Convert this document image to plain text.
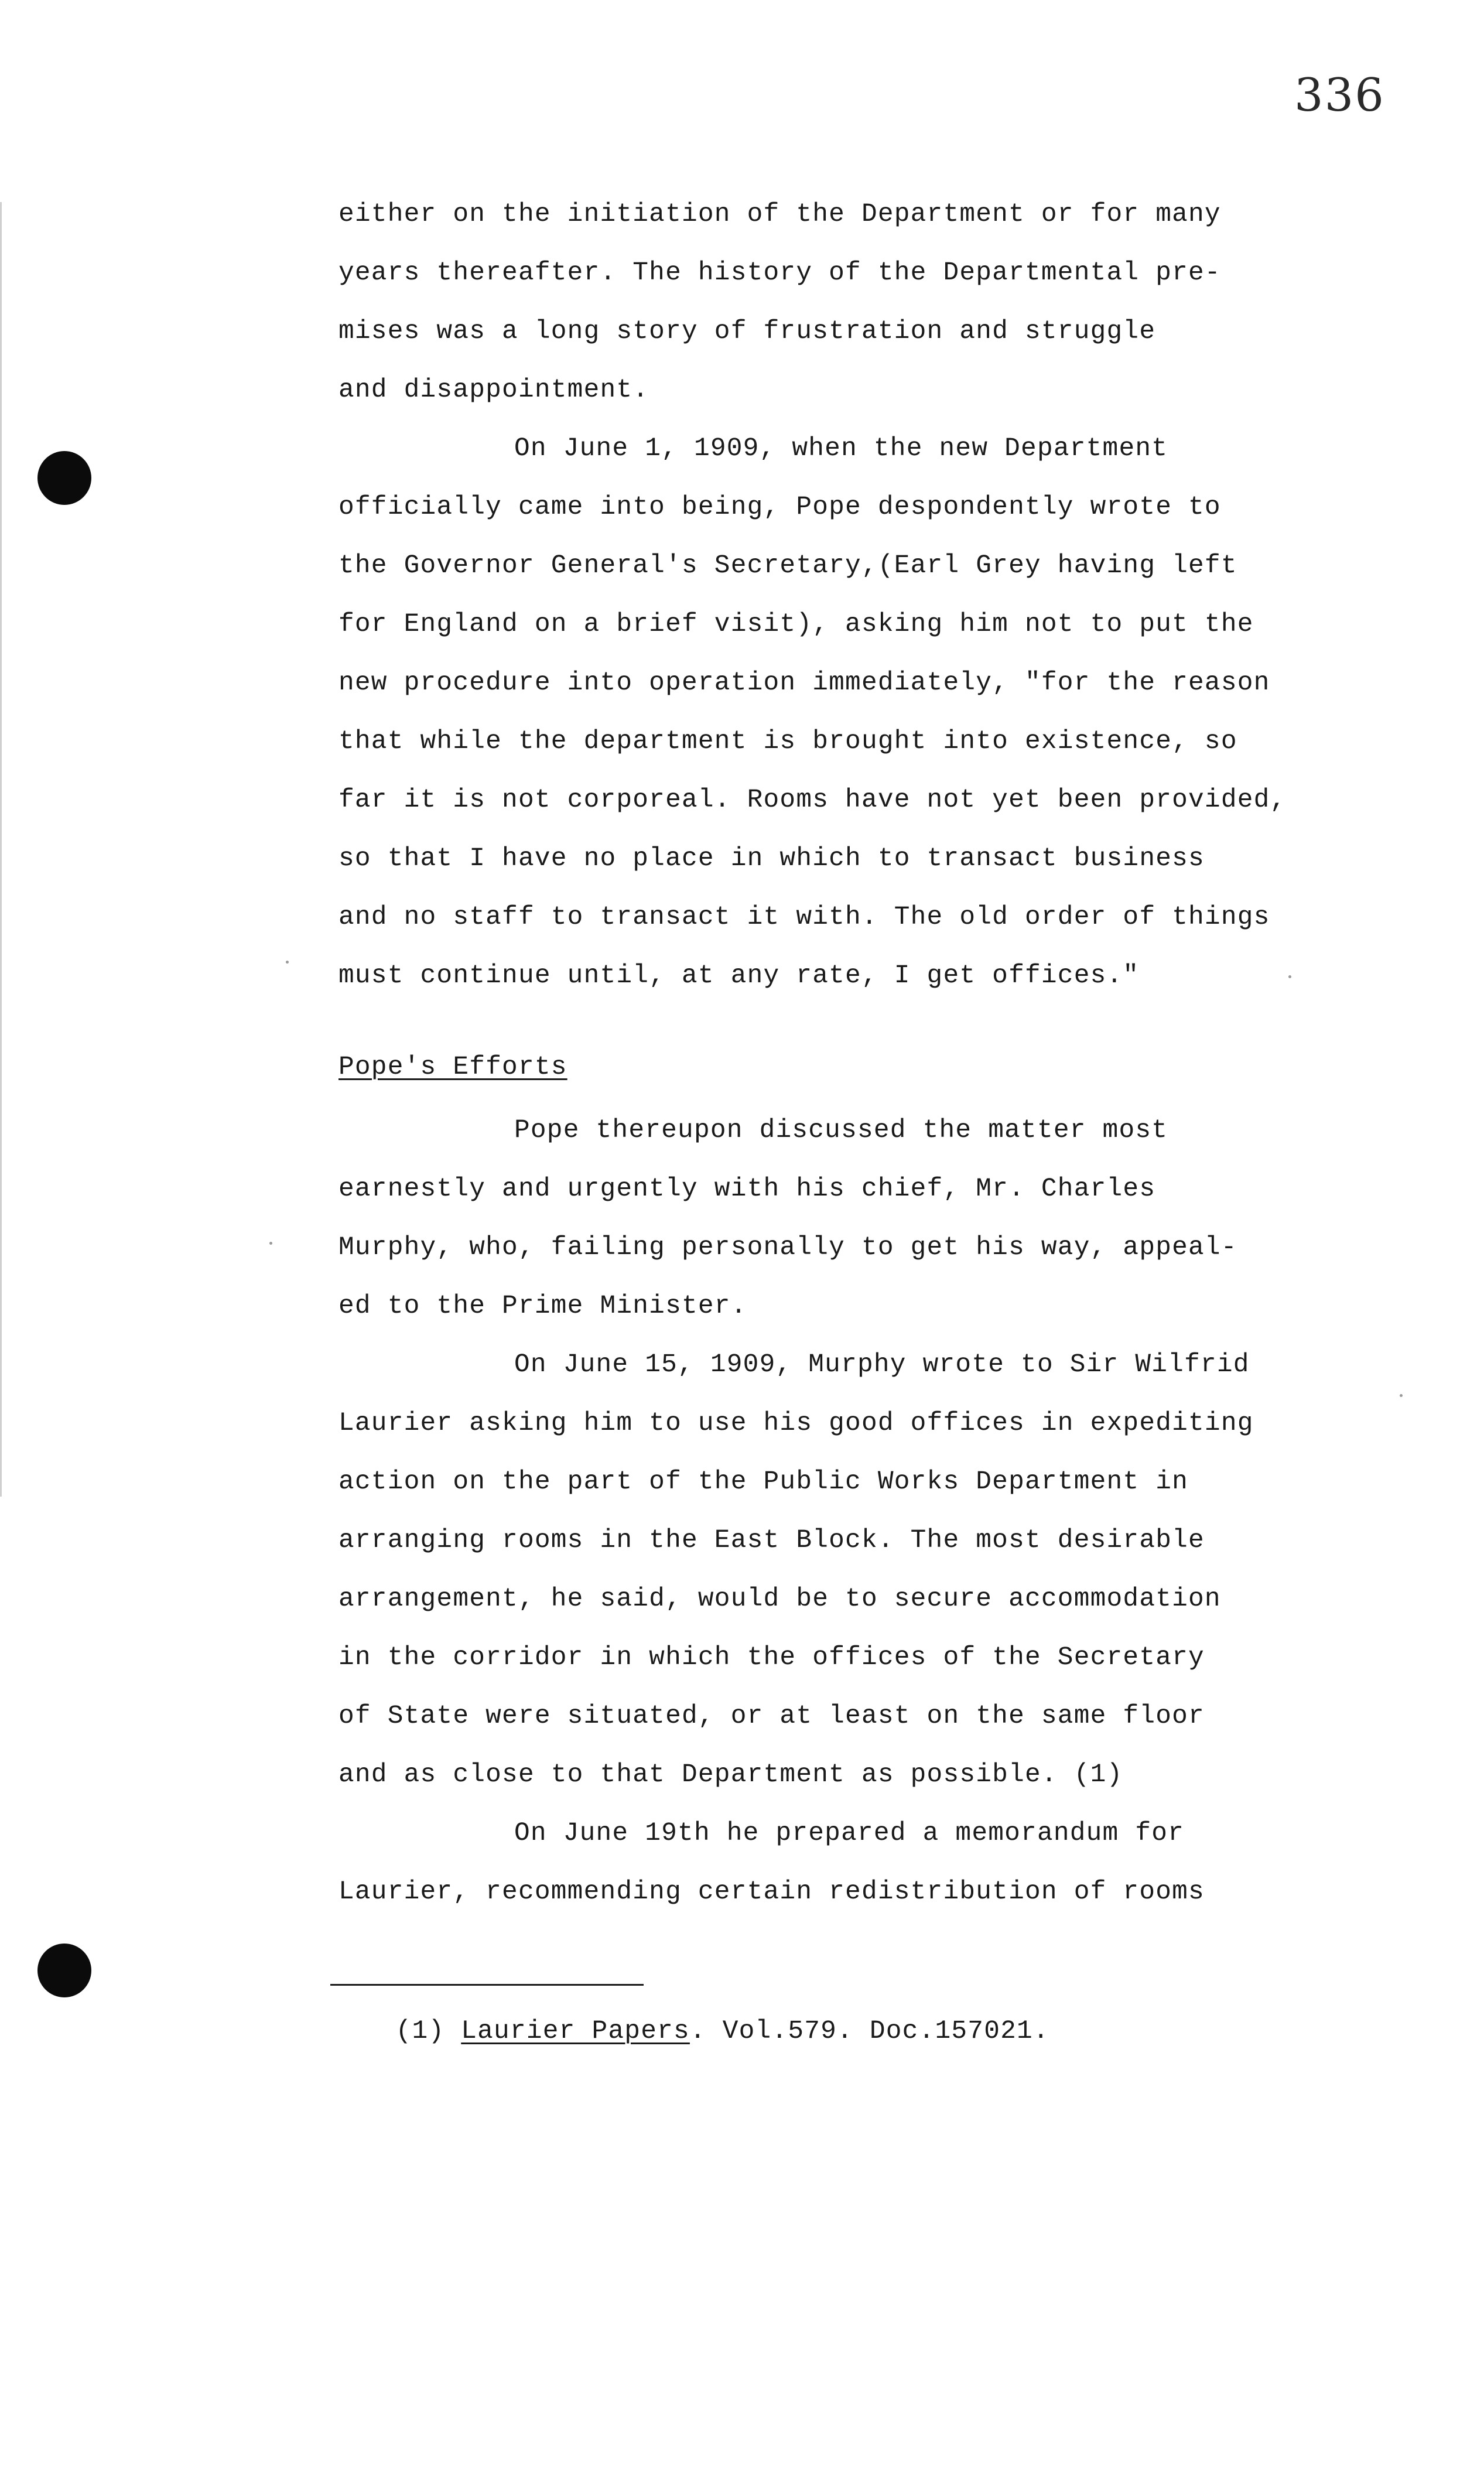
336
either on the initiation of the Department or for many
years thereafter. The history of the Departmental pre-
mises was a long story of frustration and struggle
and disappointment.
On June 1, 1909, when the new Department
officially came into being, Pope despondently wrote to
the Governor General's Secretary,(Earl Grey having left
for England on a brief visit), asking him not to put the
new procedure into operation immediately, "for the reason
that while the department is brought into existence, so
far it is not corporeal. Rooms have not yet been provided,
so that I have no place in which to transact business
and no staff to transact it with. The old order of things
must continue until, at any rate, I get offices."
Pope's Efforts
Pope thereupon discussed the matter most
earnestly and urgently with his chief, Mr. Charles
Murphy, who, failing personally to get his way, appeal-
ed to the Prime Minister.
On June 15, 1909, Murphy wrote to Sir Wilfrid
Laurier asking him to use his good offices in expediting
action on the part of the Public Works Department in
arranging rooms in the East Block. The most desirable
arrangement, he said, would be to secure accommodation
in the corridor in which the offices of the Secretary
of State were situated, or at least on the same floor
and as close to that Department as possible. (1)
On June 19th he prepared a memorandum for
Laurier, recommending certain redistribution of rooms

(1) Laurier Papers. Vol.579. Doc.157021.
